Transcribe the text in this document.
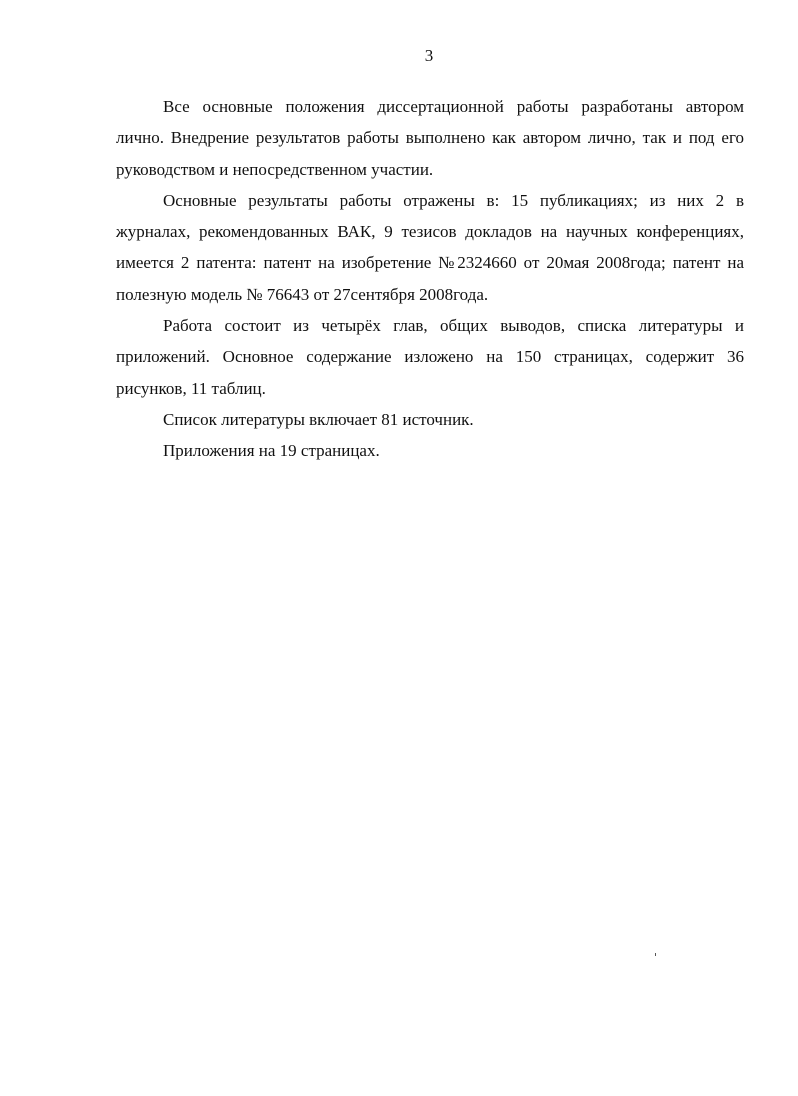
3

Все основные положения диссертационной работы разработаны автором лично. Внедрение результатов работы выполнено как автором лично, так и под его руководством и непосредственном участии.

Основные результаты работы отражены в: 15 публикациях; из них 2 в журналах, рекомендованных ВАК, 9 тезисов докладов на научных конференциях, имеется 2 патента: патент на изобретение №2324660 от 20мая 2008года; патент на полезную модель № 76643 от 27сентября 2008года.

Работа состоит из четырёх глав, общих выводов, списка литературы и приложений. Основное содержание изложено на 150 страницах, содержит 36 рисунков, 11 таблиц.

Список литературы включает 81 источник.

Приложения на 19 страницах.
